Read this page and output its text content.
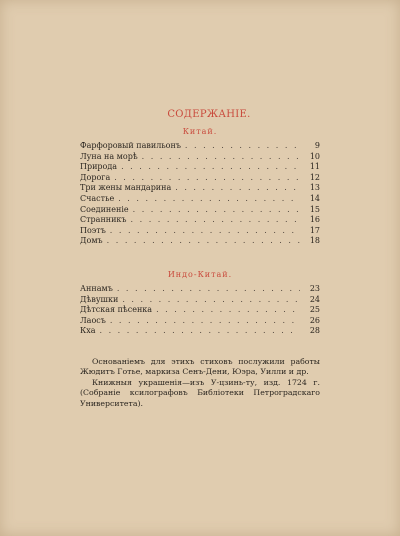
СОДЕРЖАНІЕ.
Китай.
Фарфоровый павильонъ . . .	9
Луна на морѣ . . .	10
Природа . . .	11
Дорога . . .	12
Три жены мандарина . . .	13
Счастье . . .	14
Соединеніе . . .	15
Странникъ . . .	16
Поэтъ . . .	17
Домъ . . .	18
Индо-Китай.
Аннамъ . . .	23
Дѣвушки . . .	24
Дѣтская пѣсенка . . .	25
Лаосъ . . .	26
Кха . . .	28

Основаніемъ для этихъ стиховъ послужили работы Жюдитъ Готье, маркиза Сенъ-Дени, Юэра, Уилли и др.

Книжныя украшенія—изъ У-цзинь-ту, изд. 1724 г. (Собраніе ксилографовъ Библіотеки Петроградскаго Университета).
